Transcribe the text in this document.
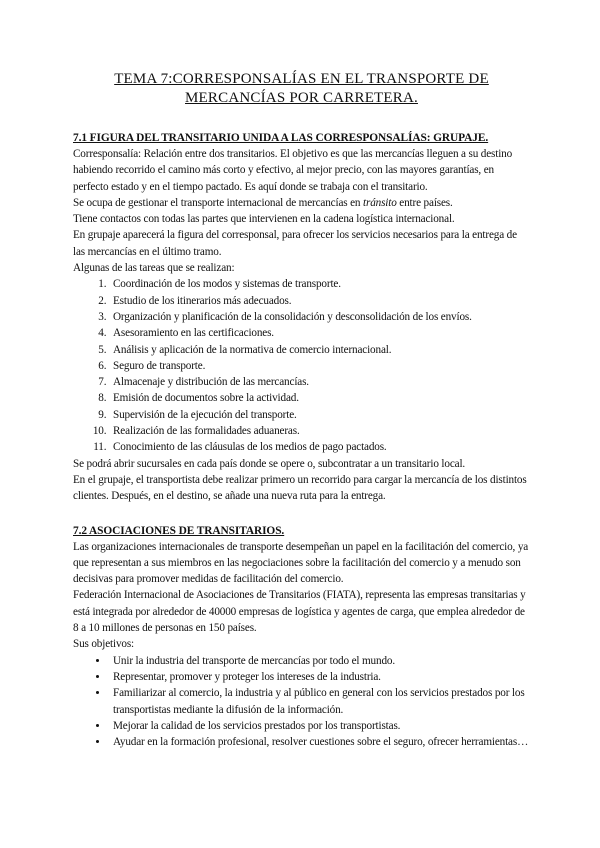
TEMA 7:CORRESPONSALÍAS EN EL TRANSPORTE DE
MERCANCÍAS POR CARRETERA.
7.1 FIGURA DEL TRANSITARIO UNIDA A LAS CORRESPONSALÍAS: GRUPAJE.

Corresponsalía: Relación entre dos transitarios. El objetivo es que las mercancías lleguen a su destino habiendo recorrido el camino más corto y efectivo, al mejor precio, con las mayores garantías, en perfecto estado y en el tiempo pactado. Es aquí donde se trabaja con el transitario.

Se ocupa de gestionar el transporte internacional de mercancías en tránsito entre países.

Tiene contactos con todas las partes que intervienen en la cadena logística internacional.

En grupaje aparecerá la figura del corresponsal, para ofrecer los servicios necesarios para la entrega de las mercancías en el último tramo.

Algunas de las tareas que se realizan:

1. Coordinación de los modos y sistemas de transporte.
2. Estudio de los itinerarios más adecuados.
3. Organización y planificación de la consolidación y desconsolidación de los envíos.
4. Asesoramiento en las certificaciones.
5. Análisis y aplicación de la normativa de comercio internacional.
6. Seguro de transporte.
7. Almacenaje y distribución de las mercancías.
8. Emisión de documentos sobre la actividad.
9. Supervisión de la ejecución del transporte.
10. Realización de las formalidades aduaneras.
11. Conocimiento de las cláusulas de los medios de pago pactados.

Se podrá abrir sucursales en cada país donde se opere o, subcontratar a un transitario local.

En el grupaje, el transportista debe realizar primero un recorrido para cargar la mercancía de los distintos clientes. Después, en el destino, se añade una nueva ruta para la entrega.

7.2 ASOCIACIONES DE TRANSITARIOS.

Las organizaciones internacionales de transporte desempeñan un papel en la facilitación del comercio, ya que representan a sus miembros en las negociaciones sobre la facilitación del comercio y a menudo son decisivas para promover medidas de facilitación del comercio.

Federación Internacional de Asociaciones de Transitarios (FIATA), representa las empresas transitarias y está integrada por alrededor de 40000 empresas de logística y agentes de carga, que emplea alrededor de 8 a 10 millones de personas en 150 países.

Sus objetivos:

• Unir la industria del transporte de mercancías por todo el mundo.
• Representar, promover y proteger los intereses de la industria.
• Familiarizar al comercio, la industria y al público en general con los servicios prestados por los transportistas mediante la difusión de la información.
• Mejorar la calidad de los servicios prestados por los transportistas.
• Ayudar en la formación profesional, resolver cuestiones sobre el seguro, ofrecer herramientas…
